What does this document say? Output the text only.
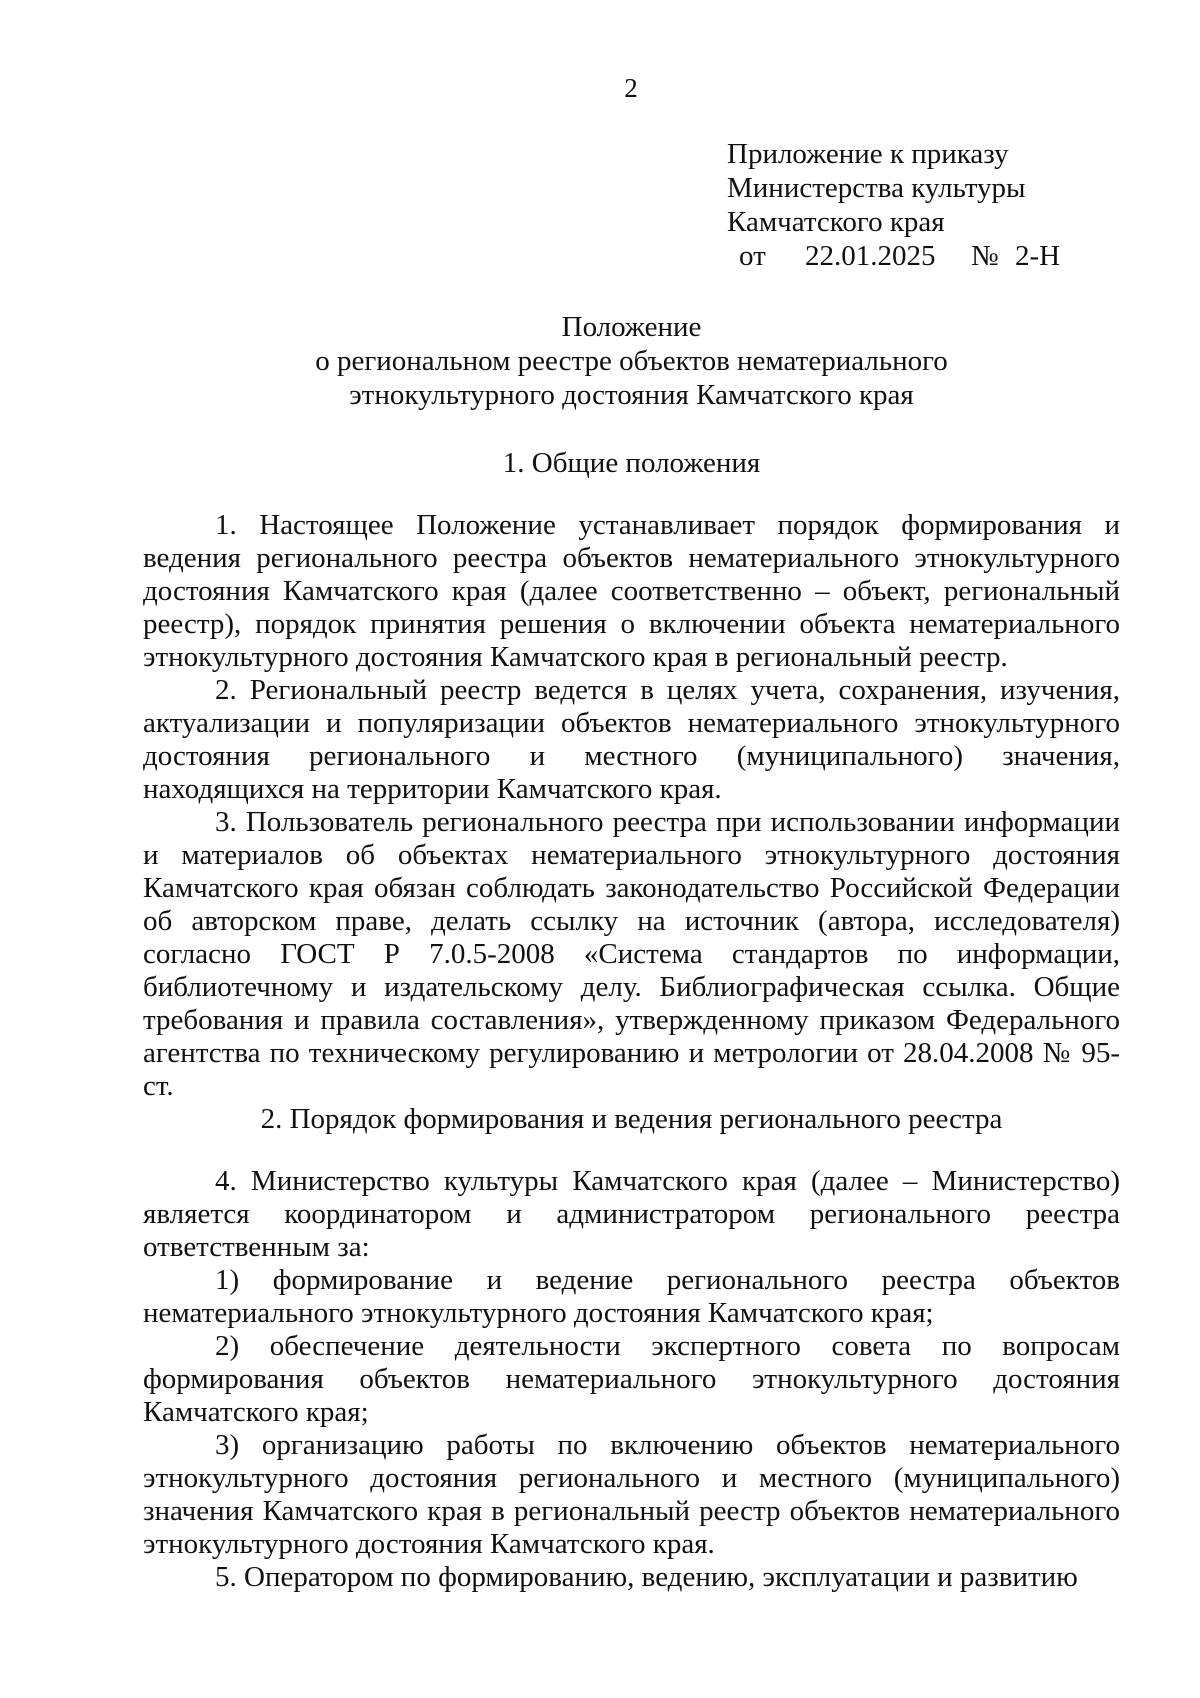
2
Приложение к приказу
Министерства культуры
Камчатского края
от 22.01.2025 № 2-Н
Положение
о региональном реестре объектов нематериального
этнокультурного достояния Камчатского края
1. Общие положения

1. Настоящее Положение устанавливает порядок формирования и ведения регионального реестра объектов нематериального этнокультурного достояния Камчатского края (далее соответственно – объект, региональный реестр), порядок принятия решения о включении объекта нематериального этнокультурного достояния Камчатского края в региональный реестр.

2. Региональный реестр ведется в целях учета, сохранения, изучения, актуализации и популяризации объектов нематериального этнокультурного достояния регионального и местного (муниципального) значения, находящихся на территории Камчатского края.

3. Пользователь регионального реестра при использовании информации и материалов об объектах нематериального этнокультурного достояния Камчатского края обязан соблюдать законодательство Российской Федерации об авторском праве, делать ссылку на источник (автора, исследователя) согласно ГОСТ Р 7.0.5-2008 «Система стандартов по информации, библиотечному и издательскому делу. Библиографическая ссылка. Общие требования и правила составления», утвержденному приказом Федерального агентства по техническому регулированию и метрологии от 28.04.2008 № 95-ст.

2. Порядок формирования и ведения регионального реестра

4. Министерство культуры Камчатского края (далее – Министерство) является координатором и администратором регионального реестра ответственным за:

1) формирование и ведение регионального реестра объектов нематериального этнокультурного достояния Камчатского края;

2) обеспечение деятельности экспертного совета по вопросам формирования объектов нематериального этнокультурного достояния Камчатского края;

3) организацию работы по включению объектов нематериального этнокультурного достояния регионального и местного (муниципального) значения Камчатского края в региональный реестр объектов нематериального этнокультурного достояния Камчатского края.

5. Оператором по формированию, ведению, эксплуатации и развитию
